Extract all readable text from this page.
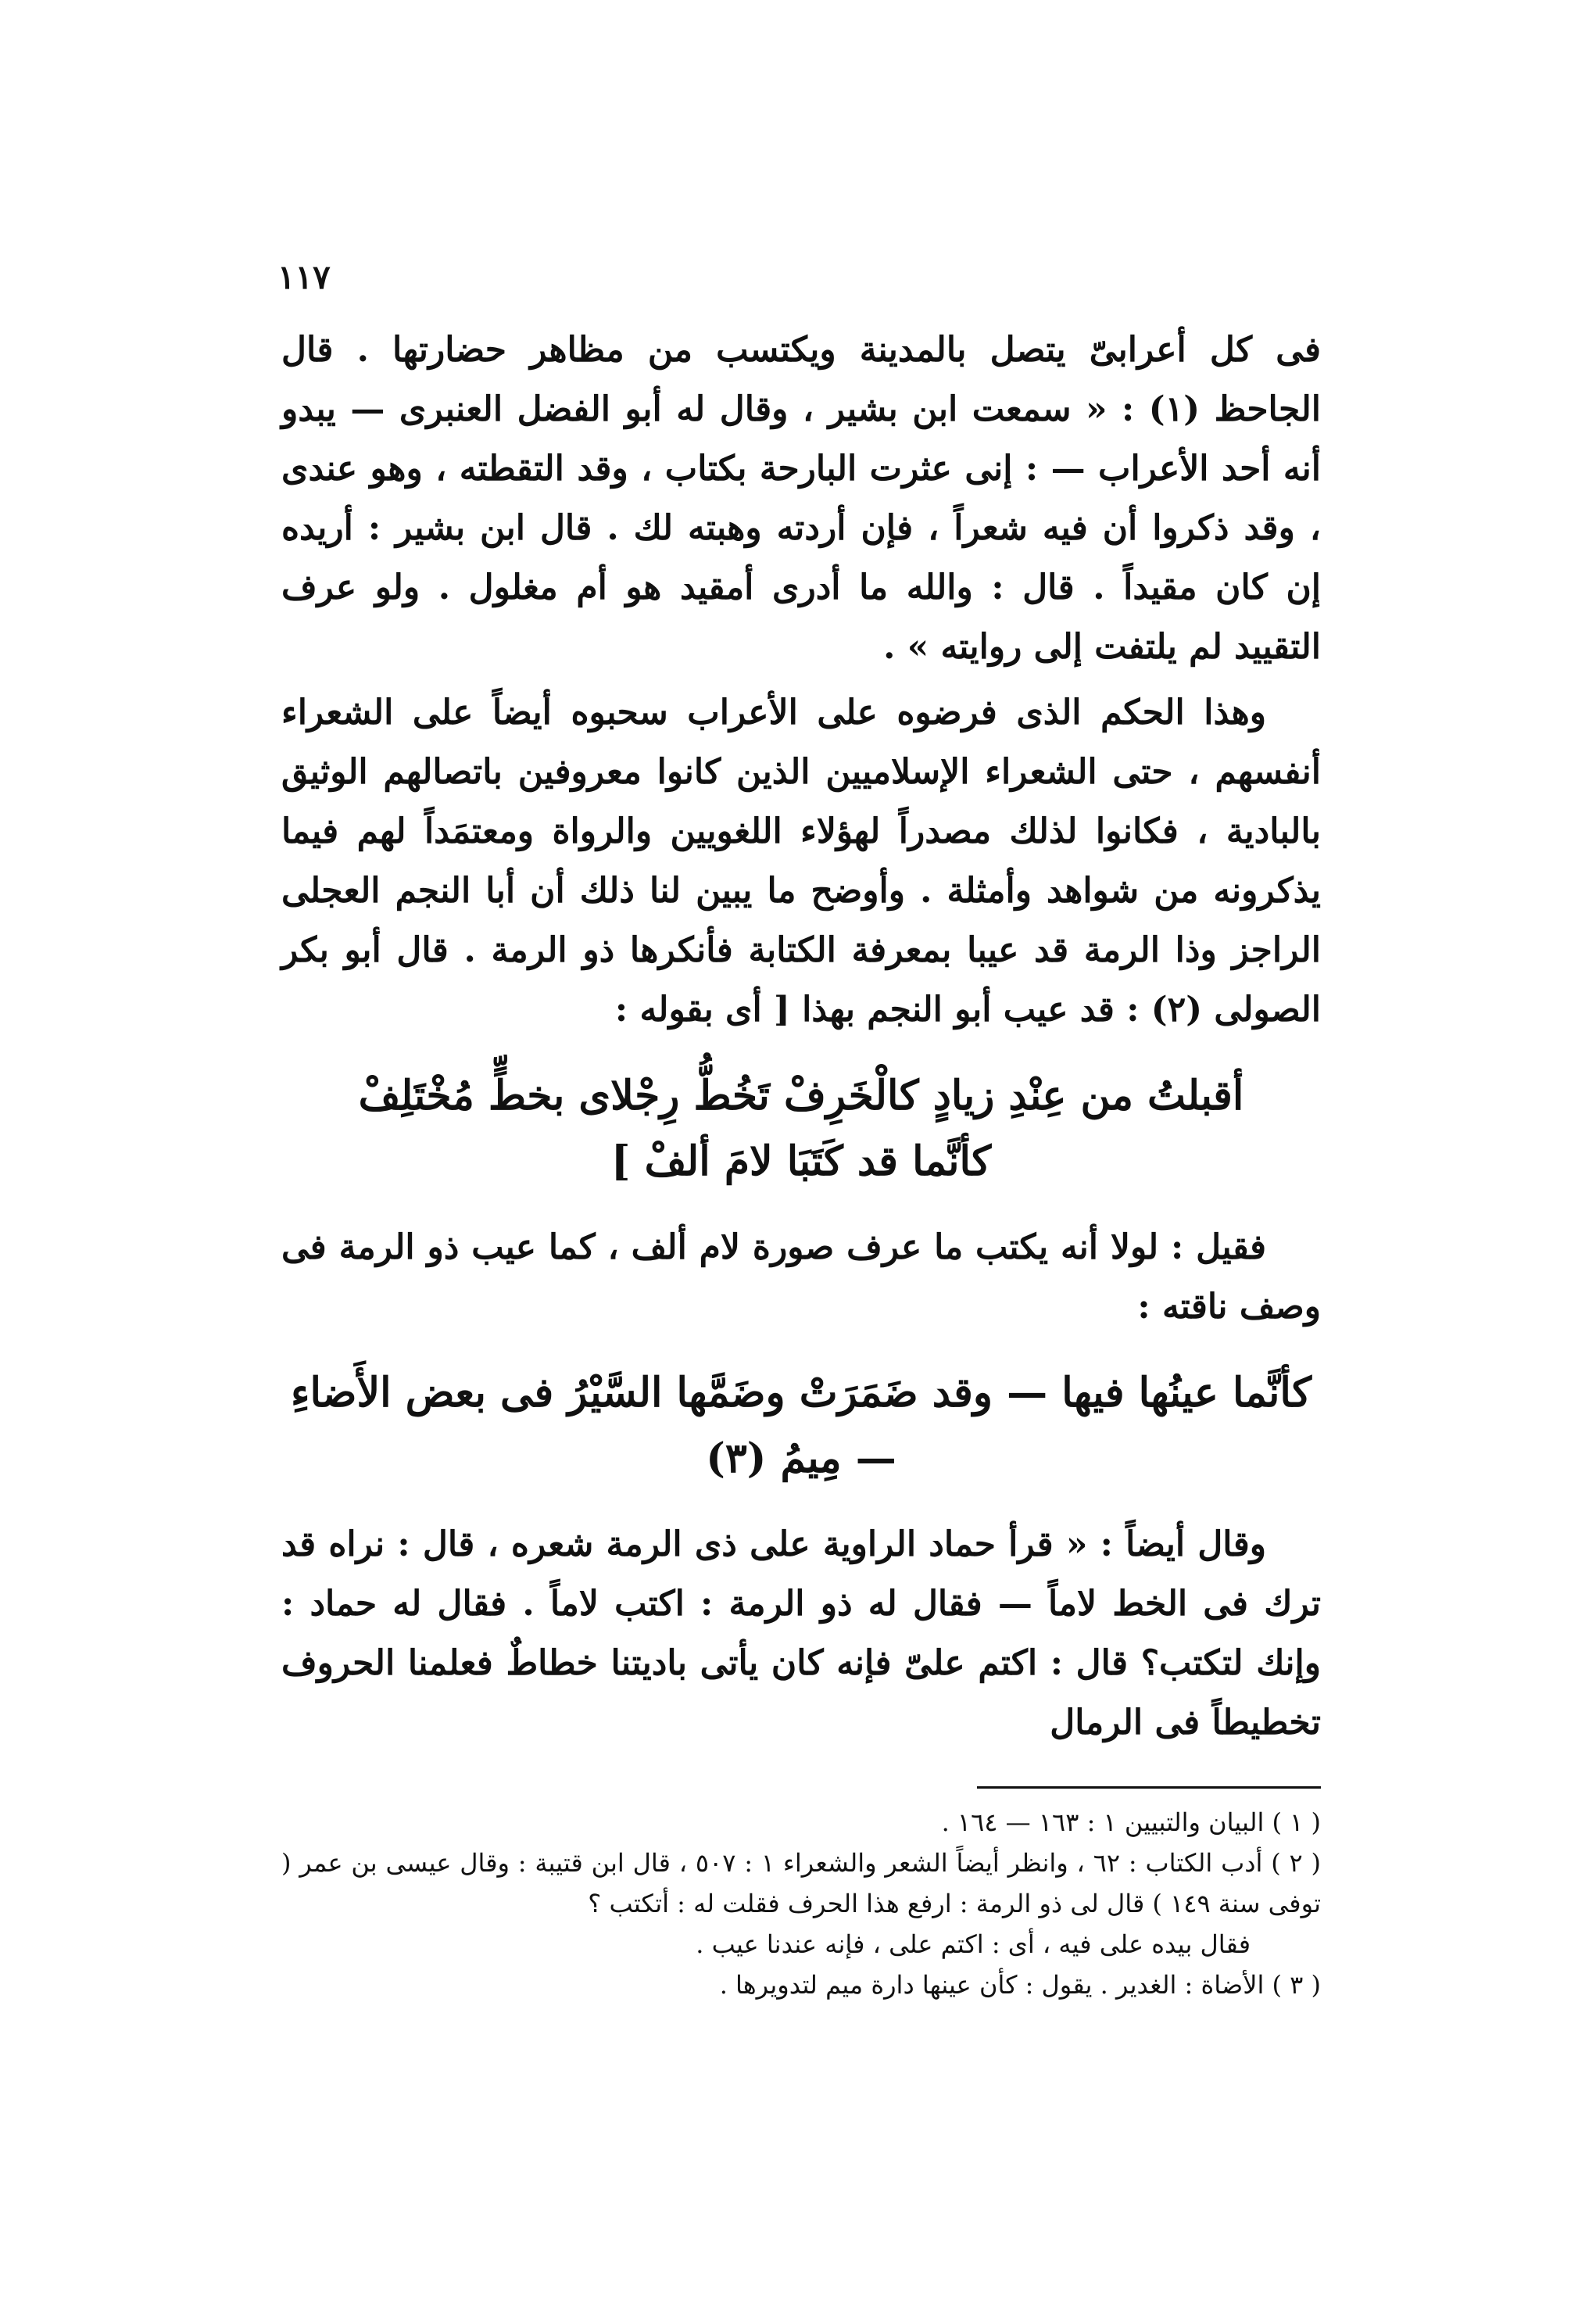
١١٧

فى كل أعرابىّ يتصل بالمدينة ويكتسب من مظاهر حضارتها . قال الجاحظ (١) : « سمعت ابن بشير ، وقال له أبو الفضل العنبرى — يبدو أنه أحد الأعراب — : إنى عثرت البارحة بكتاب ، وقد التقطته ، وهو عندى ، وقد ذكروا أن فيه شعراً ، فإن أردته وهبته لك . قال ابن بشير : أريده إن كان مقيداً . قال : والله ما أدرى أمقيد هو أم مغلول . ولو عرف التقييد لم يلتفت إلى روايته » .

وهذا الحكم الذى فرضوه على الأعراب سحبوه أيضاً على الشعراء أنفسهم ، حتى الشعراء الإسلاميين الذين كانوا معروفين باتصالهم الوثيق بالبادية ، فكانوا لذلك مصدراً لهؤلاء اللغويين والرواة ومعتمَداً لهم فيما يذكرونه من شواهد وأمثلة . وأوضح ما يبين لنا ذلك أن أبا النجم العجلى الراجز وذا الرمة قد عيبا بمعرفة الكتابة فأنكرها ذو الرمة . قال أبو بكر الصولى (٢) : قد عيب أبو النجم بهذا [ أى بقوله :

أقبلتُ من عِنْدِ زيادٍ كالْخَرِفْ تَخُطُّ رِجْلاى بخطٍّ مُخْتَلِفْ
كأنَّما قد كَتَبَا لامَ ألفْ ]

فقيل : لولا أنه يكتب ما عرف صورة لام ألف ، كما عيب ذو الرمة فى وصف ناقته :

كأنَّما عينُها فيها — وقد ضَمَرَتْ وضَمَّها السَّيْرُ فى بعض الأَضاءِ — مِيمُ (٣)

وقال أيضاً : « قرأ حماد الراوية على ذى الرمة شعره ، قال : نراه قد ترك فى الخط لاماً — فقال له ذو الرمة : اكتب لاماً . فقال له حماد : وإنك لتكتب؟ قال : اكتم علىّ فإنه كان يأتى باديتنا خطاطٌ فعلمنا الحروف تخطيطاً فى الرمال

( ١ ) البيان والتبيين ١ : ١٦٣ — ١٦٤ .

( ٢ ) أدب الكتاب : ٦٢ ، وانظر أيضاً الشعر والشعراء ١ : ٥٠٧ ، قال ابن قتيبة : وقال عيسى بن عمر ( توفى سنة ١٤٩ ) قال لى ذو الرمة : ارفع هذا الحرف فقلت له : أتكتب ؟

فقال بيده على فيه ، أى : اكتم على ، فإنه عندنا عيب .

( ٣ ) الأضاة : الغدير . يقول : كأن عينها دارة ميم لتدويرها .
